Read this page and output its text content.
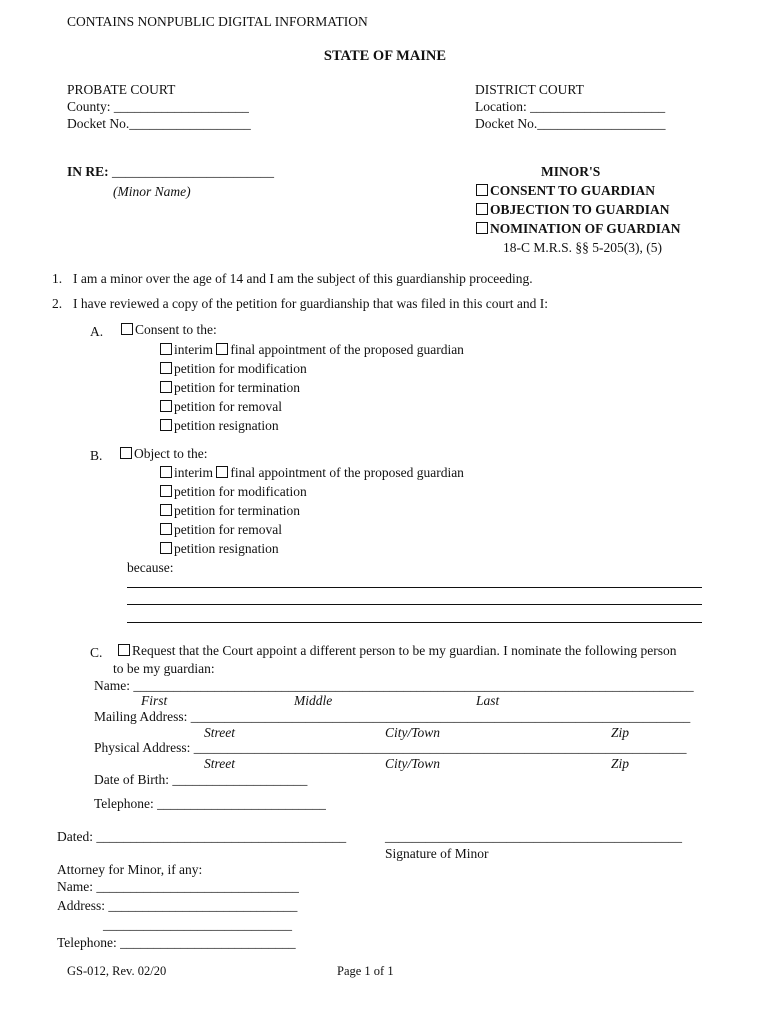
CONTAINS NONPUBLIC DIGITAL INFORMATION
STATE OF MAINE
PROBATE COURT
County: ____________________
Docket No.__________________
DISTRICT COURT
Location: ____________________
Docket No.___________________
IN RE: ________________________
(Minor Name)
MINOR'S
CONSENT TO GUARDIAN
OBJECTION TO GUARDIAN
NOMINATION OF GUARDIAN
18-C M.R.S. §§ 5-205(3), (5)
1. I am a minor over the age of 14 and I am the subject of this guardianship proceeding.
2. I have reviewed a copy of the petition for guardianship that was filed in this court and I:
A.	Consent to the:
interim final appointment of the proposed guardian
petition for modification
petition for termination
petition for removal
petition resignation
B.	Object to the:
interim final appointment of the proposed guardian
petition for modification
petition for termination
petition for removal
petition resignation
because:
C.	Request that the Court appoint a different person to be my guardian. I nominate the following person
to be my guardian:
Name: ___________________________________________________________________________________
First	Middle	Last
Mailing Address: __________________________________________________________________________
Street	City/Town	Zip
Physical Address: _________________________________________________________________________
Street	City/Town	Zip
Date of Birth: ____________________
Telephone: _________________________
Dated: _____________________________________	____________________________________________
Signature of Minor
Attorney for Minor, if any:
Name: ______________________________
Address: ____________________________
____________________________
Telephone: __________________________
GS-012, Rev. 02/20	Page 1 of 1
